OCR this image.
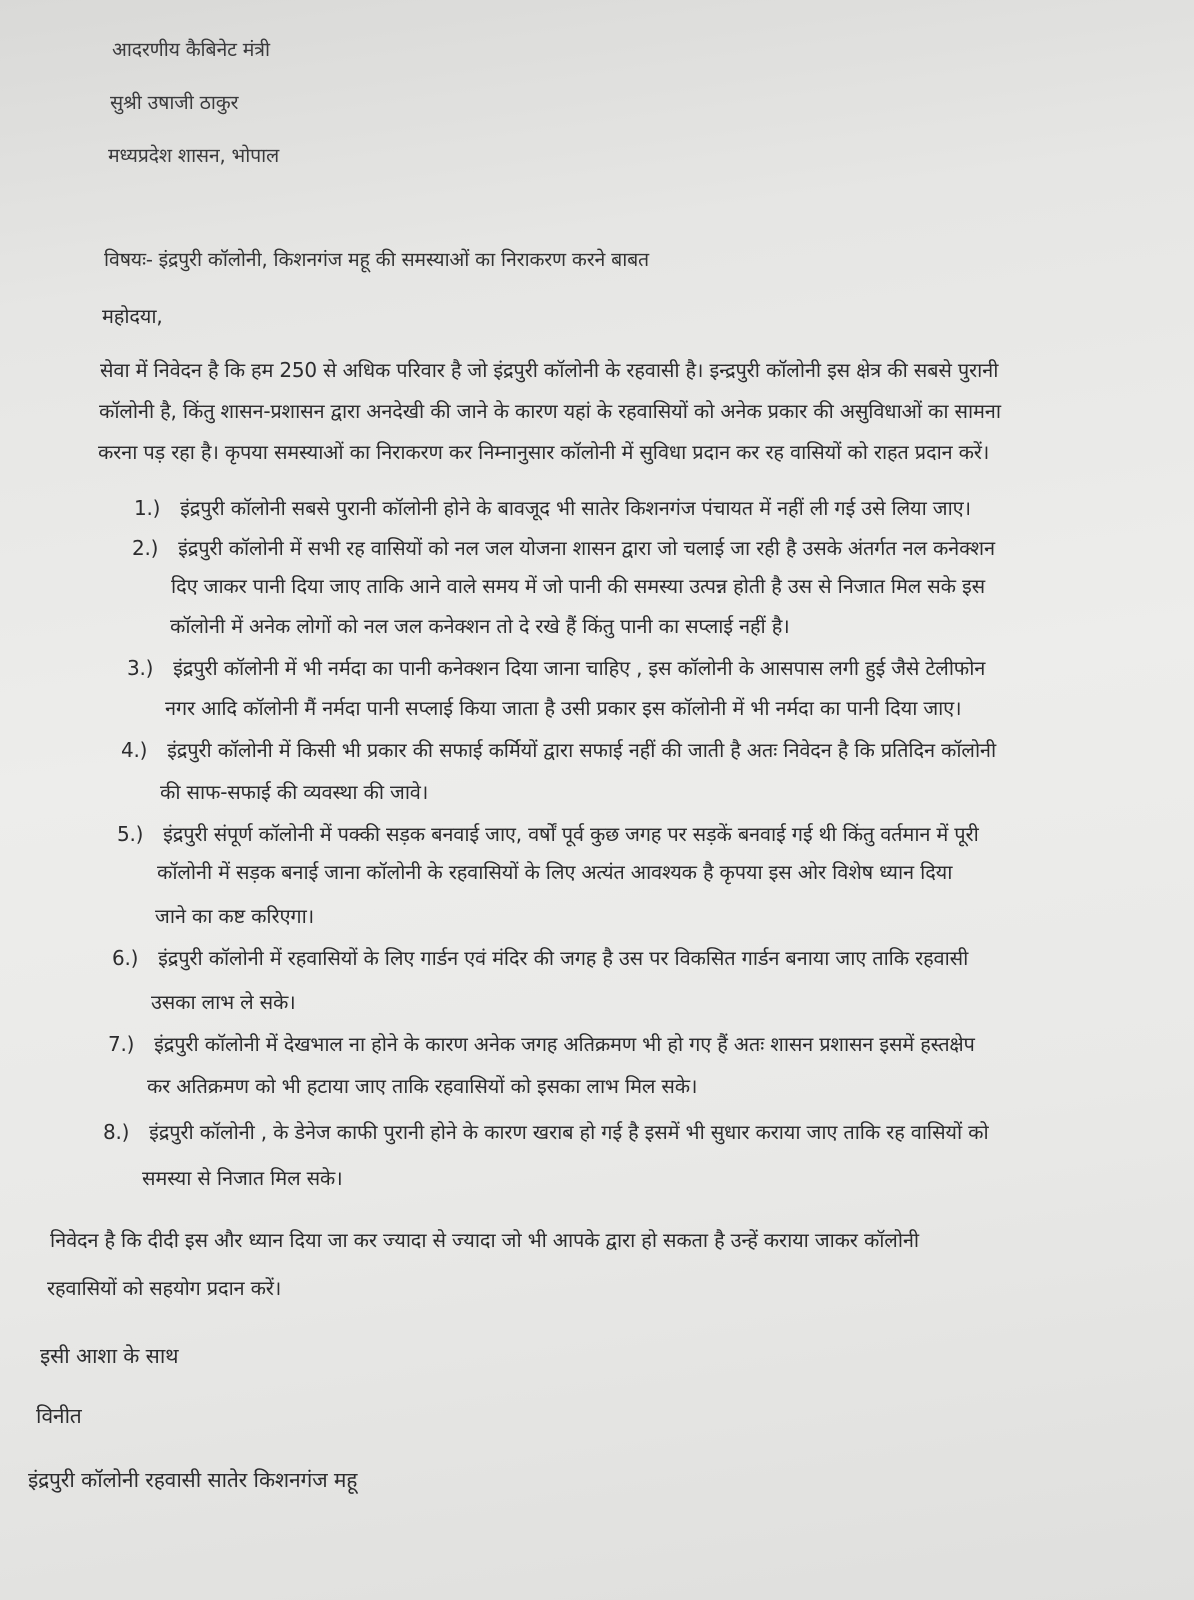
आदरणीय कैबिनेट मंत्री
सुश्री उषाजी ठाकुर
मध्यप्रदेश शासन, भोपाल
विषयः- इंद्रपुरी कॉलोनी, किशनगंज महू की समस्याओं का निराकरण करने बाबत
महोदया,
सेवा में निवेदन है कि हम 250 से अधिक परिवार है जो इंद्रपुरी कॉलोनी के रहवासी है। इन्द्रपुरी कॉलोनी इस क्षेत्र की सबसे पुरानी
कॉलोनी है, किंतु शासन-प्रशासन द्वारा अनदेखी की जाने के कारण यहां के रहवासियों को अनेक प्रकार की असुविधाओं का सामना
करना पड़ रहा है। कृपया समस्याओं का निराकरण कर निम्नानुसार कॉलोनी में सुविधा प्रदान कर रह वासियों को राहत प्रदान करें।
1.) इंद्रपुरी कॉलोनी सबसे पुरानी कॉलोनी होने के बावजूद भी सातेर किशनगंज पंचायत में नहीं ली गई उसे लिया जाए।
2.) इंद्रपुरी कॉलोनी में सभी रह वासियों को नल जल योजना शासन द्वारा जो चलाई जा रही है उसके अंतर्गत नल कनेक्शन
दिए जाकर पानी दिया जाए ताकि आने वाले समय में जो पानी की समस्या उत्पन्न होती है उस से निजात मिल सके इस
कॉलोनी में अनेक लोगों को नल जल कनेक्शन तो दे रखे हैं किंतु पानी का सप्लाई नहीं है।
3.) इंद्रपुरी कॉलोनी में भी नर्मदा का पानी कनेक्शन दिया जाना चाहिए , इस कॉलोनी के आसपास लगी हुई जैसे टेलीफोन
नगर आदि कॉलोनी मैं नर्मदा पानी सप्लाई किया जाता है उसी प्रकार इस कॉलोनी में भी नर्मदा का पानी दिया जाए।
4.) इंद्रपुरी कॉलोनी में किसी भी प्रकार की सफाई कर्मियों द्वारा सफाई नहीं की जाती है अतः निवेदन है कि प्रतिदिन कॉलोनी
की साफ-सफाई की व्यवस्था की जावे।
5.) इंद्रपुरी संपूर्ण कॉलोनी में पक्की सड़क बनवाई जाए, वर्षों पूर्व कुछ जगह पर सड़कें बनवाई गई थी किंतु वर्तमान में पूरी
कॉलोनी में सड़क बनाई जाना कॉलोनी के रहवासियों के लिए अत्यंत आवश्यक है कृपया इस ओर विशेष ध्यान दिया
जाने का कष्ट करिएगा।
6.) इंद्रपुरी कॉलोनी में रहवासियों के लिए गार्डन एवं मंदिर की जगह है उस पर विकसित गार्डन बनाया जाए ताकि रहवासी
उसका लाभ ले सके।
7.) इंद्रपुरी कॉलोनी में देखभाल ना होने के कारण अनेक जगह अतिक्रमण भी हो गए हैं अतः शासन प्रशासन इसमें हस्तक्षेप
कर अतिक्रमण को भी हटाया जाए ताकि रहवासियों को इसका लाभ मिल सके।
8.) इंद्रपुरी कॉलोनी , के डेनेज काफी पुरानी होने के कारण खराब हो गई है इसमें भी सुधार कराया जाए ताकि रह वासियों को
समस्या से निजात मिल सके।
निवेदन है कि दीदी इस और ध्यान दिया जा कर ज्यादा से ज्यादा जो भी आपके द्वारा हो सकता है उन्हें कराया जाकर कॉलोनी
रहवासियों को सहयोग प्रदान करें।
इसी आशा के साथ
विनीत
इंद्रपुरी कॉलोनी रहवासी सातेर किशनगंज महू
